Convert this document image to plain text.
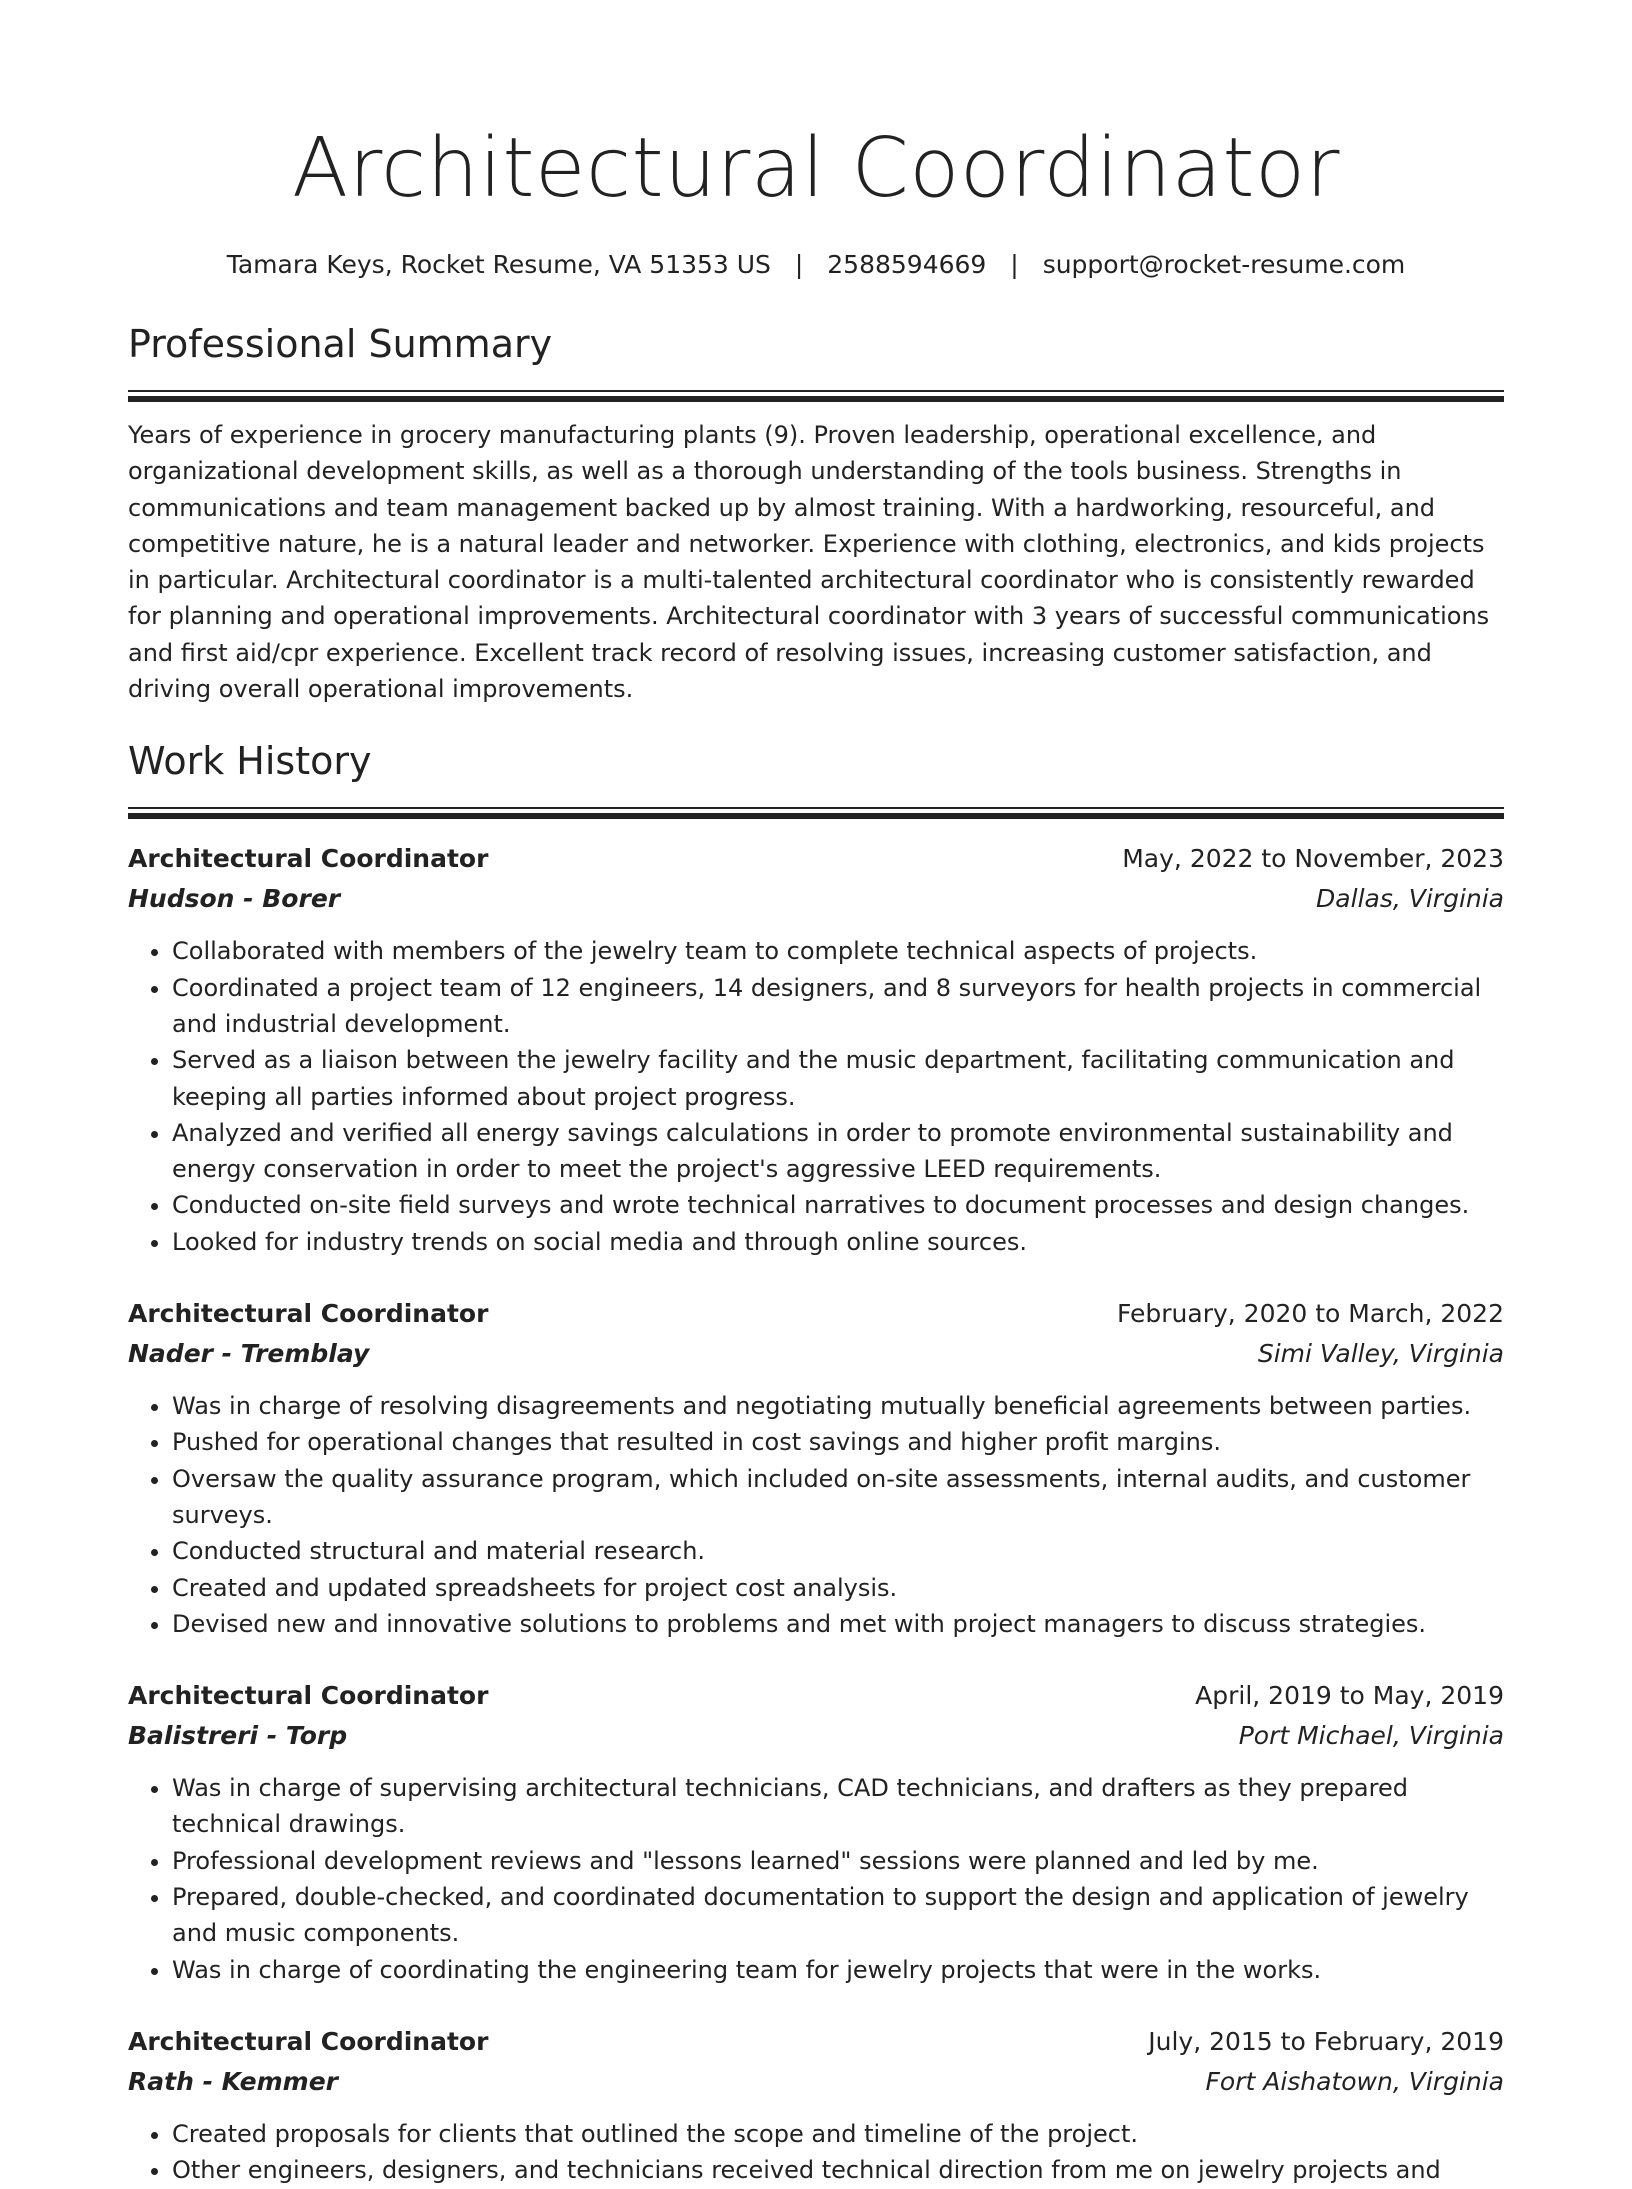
Architectural Coordinator
Tamara Keys, Rocket Resume, VA 51353 US | 2588594669 | support@rocket-resume.com
Professional Summary

Years of experience in grocery manufacturing plants (9). Proven leadership, operational excellence, and organizational development skills, as well as a thorough understanding of the tools business. Strengths in communications and team management backed up by almost training. With a hardworking, resourceful, and competitive nature, he is a natural leader and networker. Experience with clothing, electronics, and kids projects in particular. Architectural coordinator is a multi-talented architectural coordinator who is consistently rewarded for planning and operational improvements. Architectural coordinator with 3 years of successful communications and first aid/cpr experience. Excellent track record of resolving issues, increasing customer satisfaction, and driving overall operational improvements.

Work History
Architectural Coordinator	May, 2022 to November, 2023
Hudson - Borer	Dallas, Virginia
• Collaborated with members of the jewelry team to complete technical aspects of projects.
• Coordinated a project team of 12 engineers, 14 designers, and 8 surveyors for health projects in commercial and industrial development.
• Served as a liaison between the jewelry facility and the music department, facilitating communication and keeping all parties informed about project progress.
• Analyzed and verified all energy savings calculations in order to promote environmental sustainability and energy conservation in order to meet the project's aggressive LEED requirements.
• Conducted on-site field surveys and wrote technical narratives to document processes and design changes.
• Looked for industry trends on social media and through online sources.
Architectural Coordinator	February, 2020 to March, 2022
Nader - Tremblay	Simi Valley, Virginia
• Was in charge of resolving disagreements and negotiating mutually beneficial agreements between parties.
• Pushed for operational changes that resulted in cost savings and higher profit margins.
• Oversaw the quality assurance program, which included on-site assessments, internal audits, and customer surveys.
• Conducted structural and material research.
• Created and updated spreadsheets for project cost analysis.
• Devised new and innovative solutions to problems and met with project managers to discuss strategies.
Architectural Coordinator	April, 2019 to May, 2019
Balistreri - Torp	Port Michael, Virginia
• Was in charge of supervising architectural technicians, CAD technicians, and drafters as they prepared technical drawings.
• Professional development reviews and "lessons learned" sessions were planned and led by me.
• Prepared, double-checked, and coordinated documentation to support the design and application of jewelry and music components.
• Was in charge of coordinating the engineering team for jewelry projects that were in the works.
Architectural Coordinator	July, 2015 to February, 2019
Rath - Kemmer	Fort Aishatown, Virginia
• Created proposals for clients that outlined the scope and timeline of the project.
• Other engineers, designers, and technicians received technical direction from me on jewelry projects and
